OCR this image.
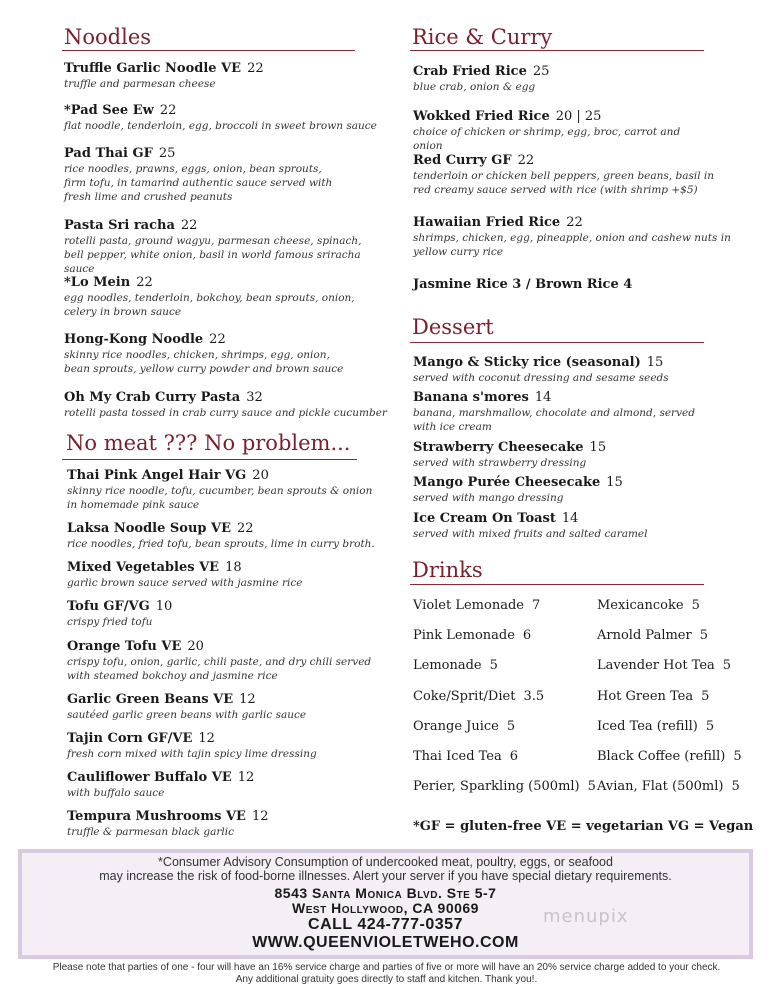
Noodles
Truffle Garlic Noodle VE 22
truffle and parmesan cheese
*Pad See Ew 22
flat noodle, tenderloin, egg, broccoli in sweet brown sauce
Pad Thai GF 25
rice noodles, prawns, eggs, onion, bean sprouts, firm tofu, in tamarind authentic sauce served with fresh lime and crushed peanuts
Pasta Sri racha 22
rotelli pasta, ground wagyu, parmesan cheese, spinach, bell pepper, white onion, basil in world famous sriracha sauce
*Lo Mein 22
egg noodles, tenderloin, bokchoy, bean sprouts, onion, celery in brown sauce
Hong-Kong Noodle 22
skinny rice noodles, chicken, shrimps, egg, onion, bean sprouts, yellow curry powder and brown sauce
Oh My Crab Curry Pasta 32
rotelli pasta tossed in crab curry sauce and pickle cucumber
No meat ??? No problem...
Thai Pink Angel Hair VG 20
skinny rice noodle, tofu, cucumber, bean sprouts & onion in homemade pink sauce
Laksa Noodle Soup VE 22
rice noodles, fried tofu, bean sprouts, lime in curry broth.
Mixed Vegetables VE 18
garlic brown sauce served with jasmine rice
Tofu GF/VG 10
crispy fried tofu
Orange Tofu VE 20
crispy tofu, onion, garlic, chili paste, and dry chili served with steamed bokchoy and jasmine rice
Garlic Green Beans VE 12
sautéed garlic green beans with garlic sauce
Tajin Corn GF/VE 12
fresh corn mixed with tajin spicy lime dressing
Cauliflower Buffalo VE 12
with buffalo sauce
Tempura Mushrooms VE 12
truffle & parmesan black garlic
Rice & Curry
Crab Fried Rice 25
blue crab, onion & egg
Wokked Fried Rice 20 | 25
choice of chicken or shrimp, egg, broc, carrot and onion
Red Curry GF 22
tenderloin or chicken bell peppers, green beans, basil in red creamy sauce served with rice (with shrimp +$5)
Hawaiian Fried Rice 22
shrimps, chicken, egg, pineapple, onion and cashew nuts in yellow curry rice
Jasmine Rice 3 / Brown Rice 4
Dessert
Mango & Sticky rice (seasonal) 15
served with coconut dressing and sesame seeds
Banana s'mores 14
banana, marshmallow, chocolate and almond, served with ice cream
Strawberry Cheesecake 15
served with strawberry dressing
Mango Purée Cheesecake 15
served with mango dressing
Ice Cream On Toast 14
served with mixed fruits and salted caramel
Drinks
Violet Lemonade 7
Pink Lemonade 6
Lemonade 5
Coke/Sprit/Diet 3.5
Orange Juice 5
Thai Iced Tea 6
Perier, Sparkling (500ml) 5
Mexicancoke 5
Arnold Palmer 5
Lavender Hot Tea 5
Hot Green Tea 5
Iced Tea (refill) 5
Black Coffee (refill) 5
Avian, Flat (500ml) 5
*GF = gluten-free VE = vegetarian VG = Vegan
*Consumer Advisory Consumption of undercooked meat, poultry, eggs, or seafood
may increase the risk of food-borne illnesses. Alert your server if you have special dietary requirements.
8543 Santa Monica Blvd. Ste 5-7
West Hollywood, CA 90069
CALL 424-777-0357
WWW.QUEENVIOLETWEHO.COM
menupix
Please note that parties of one - four will have an 16% service charge and parties of five or more will have an 20% service charge added to your check.
Any additional gratuity goes directly to staff and kitchen. Thank you!.
